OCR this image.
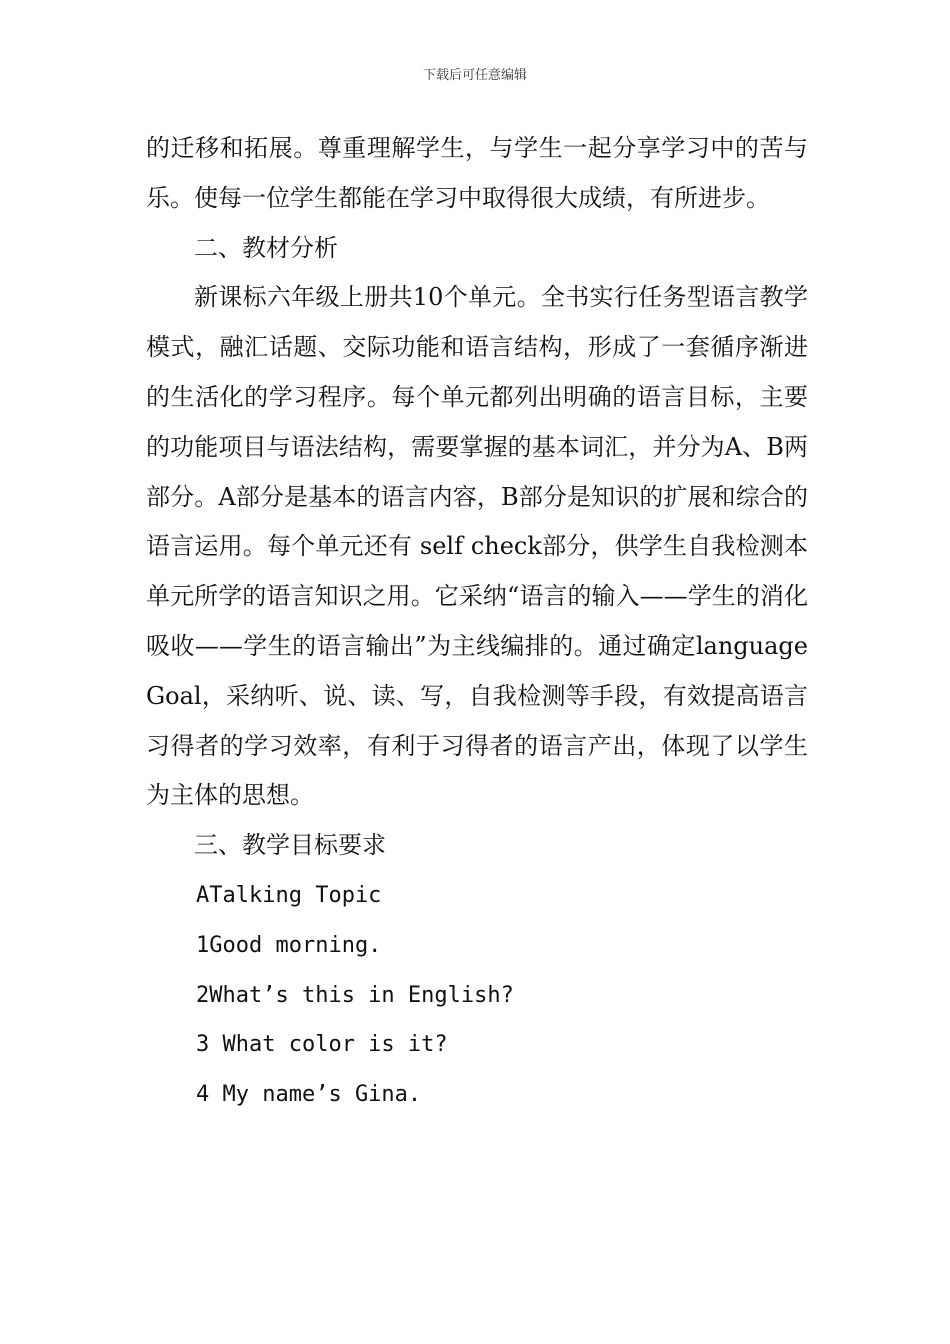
下载后可任意编辑

的迁移和拓展。尊重理解学生，与学生一起分享学习中的苦与乐。使每一位学生都能在学习中取得很大成绩，有所进步。

二、教材分析

新课标六年级上册共10个单元。全书实行任务型语言教学模式，融汇话题、交际功能和语言结构，形成了一套循序渐进的生活化的学习程序。每个单元都列出明确的语言目标，主要的功能项目与语法结构，需要掌握的基本词汇，并分为A、B两部分。A部分是基本的语言内容，B部分是知识的扩展和综合的语言运用。每个单元还有 self check部分，供学生自我检测本单元所学的语言知识之用。它采纳“语言的输入——学生的消化吸收——学生的语言输出”为主线编排的。通过确定language Goal，采纳听、说、读、写，自我检测等手段，有效提高语言习得者的学习效率，有利于习得者的语言产出，体现了以学生为主体的思想。

三、教学目标要求

ATalking Topic

1Good morning.

2What’s this in English?

3 What color is it?

4 My name’s Gina.
